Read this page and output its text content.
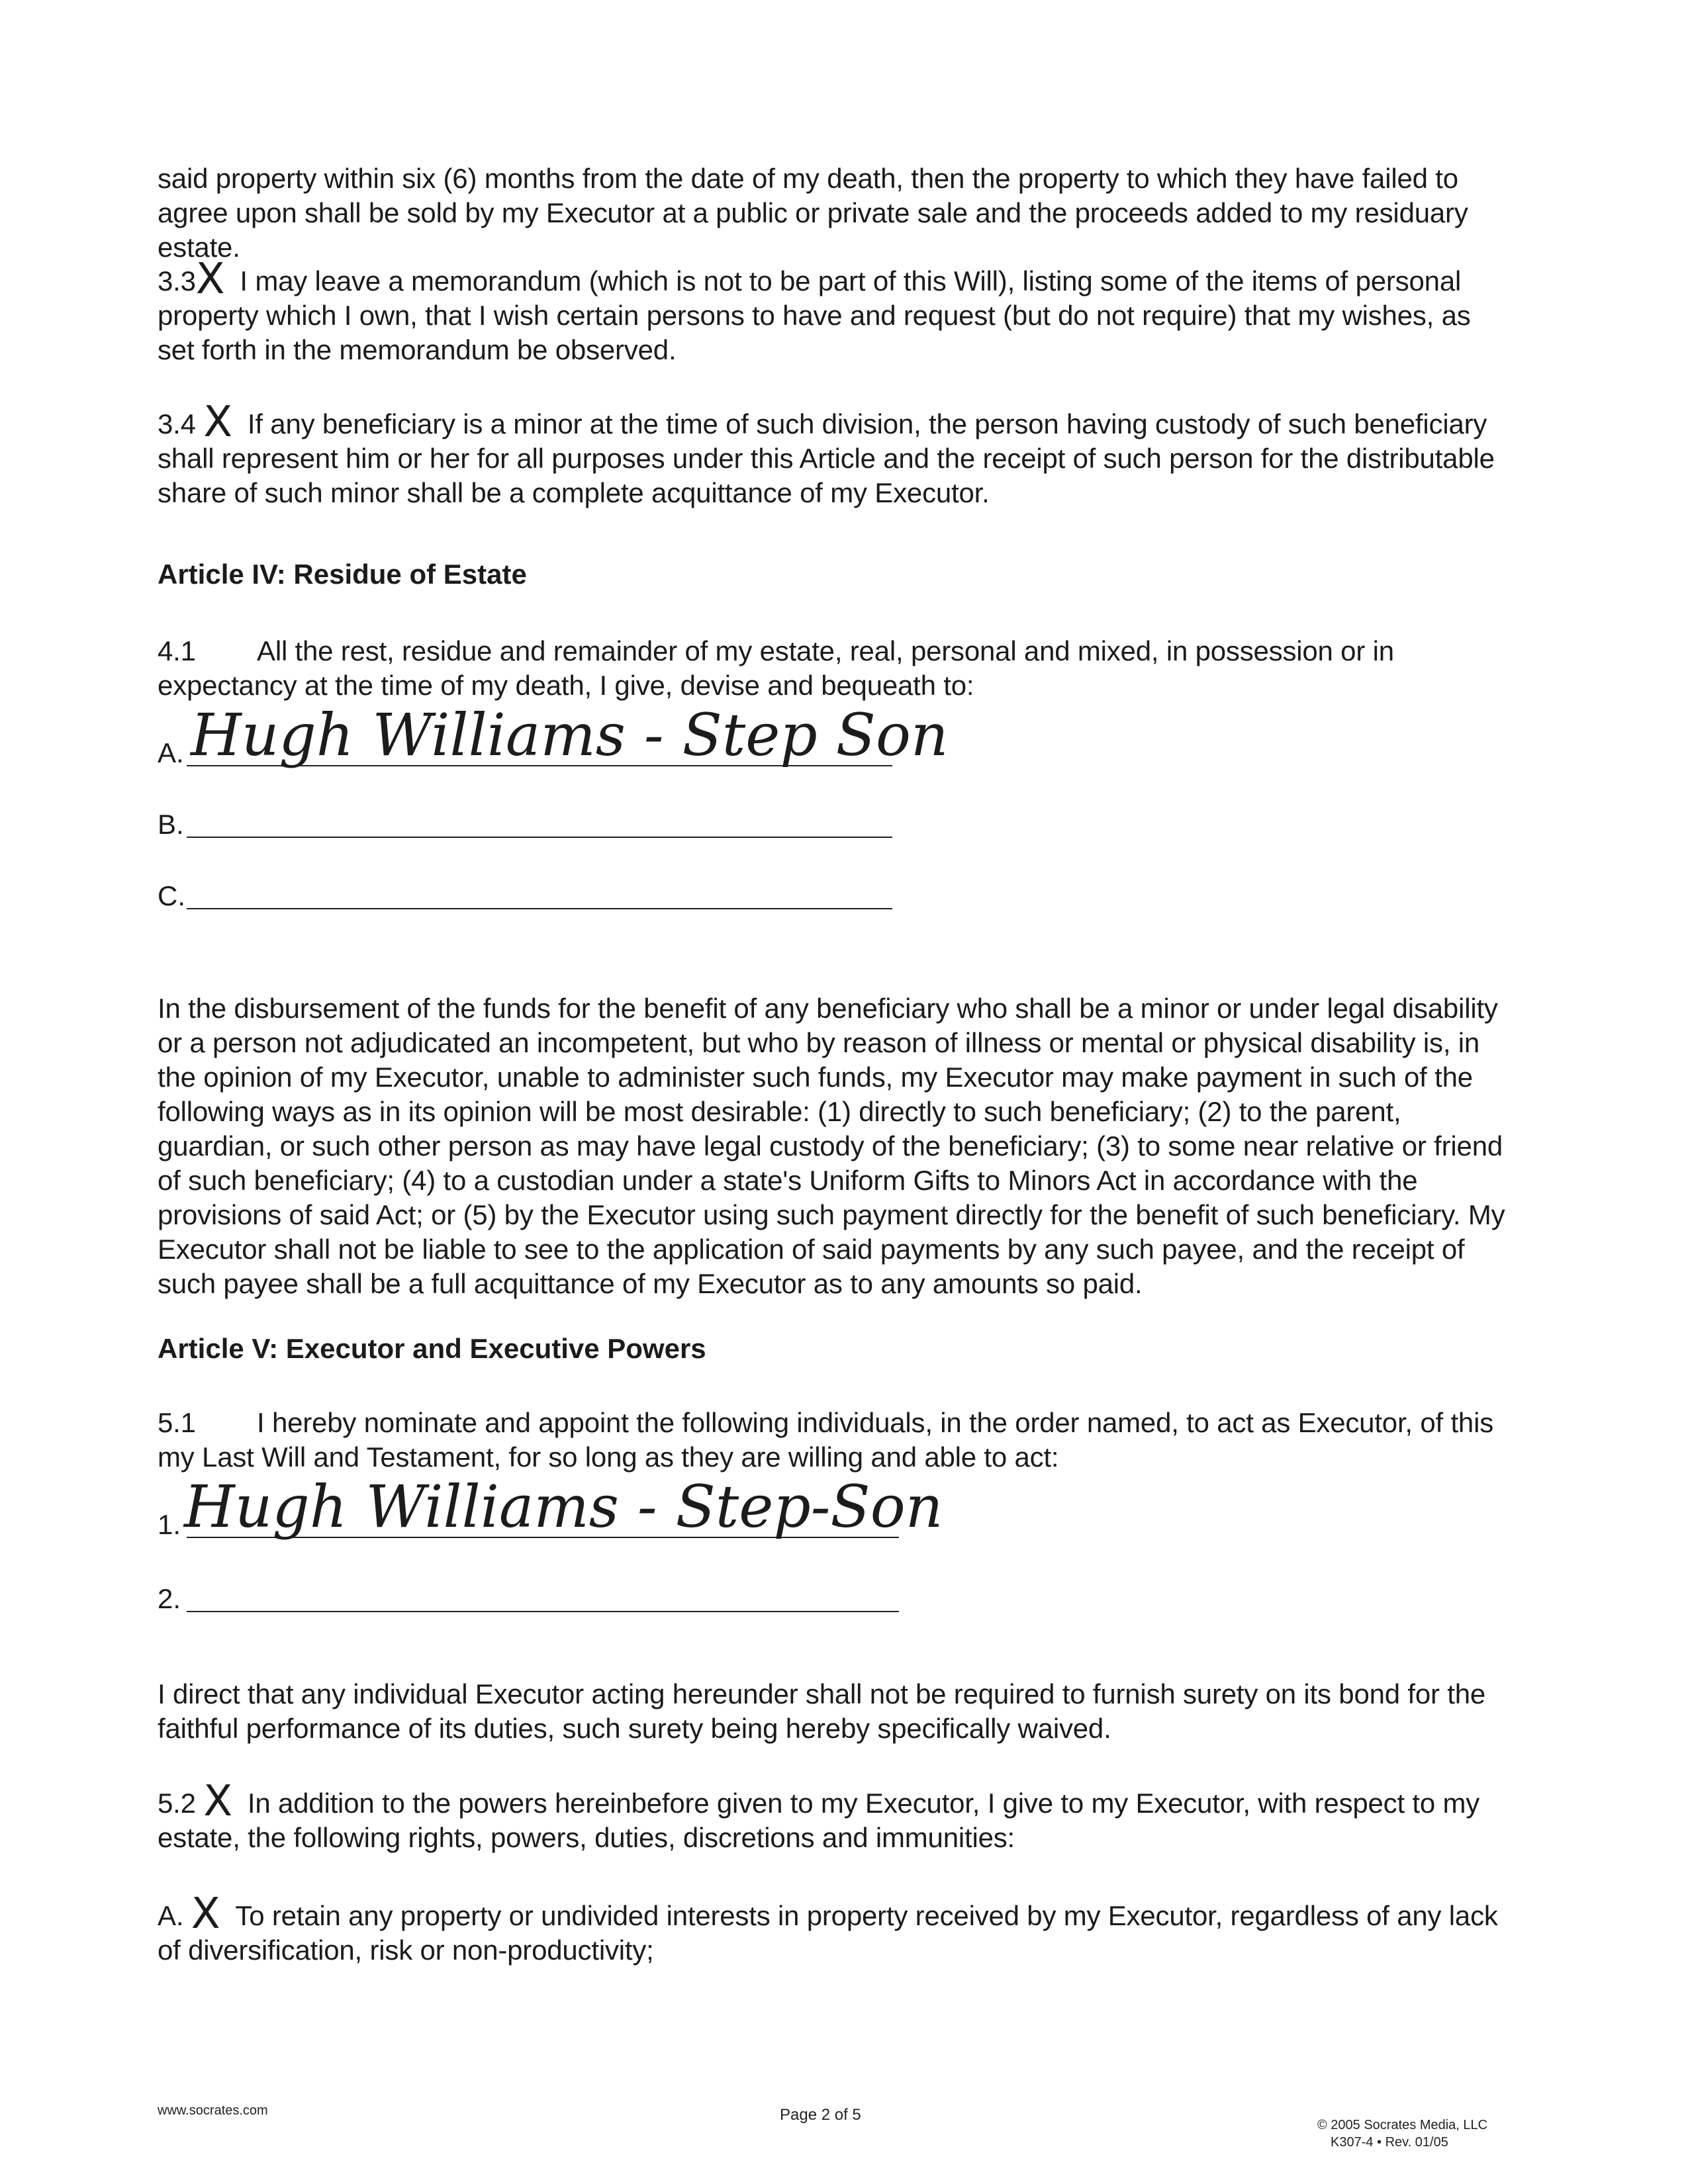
said property within six (6) months from the date of my death, then the property to which they have failed to agree upon shall be sold by my Executor at a public or private sale and the proceeds added to my residuary estate.

3.3X I may leave a memorandum (which is not to be part of this Will), listing some of the items of personal property which I own, that I wish certain persons to have and request (but do not require) that my wishes, as set forth in the memorandum be observed.
3.4 X If any beneficiary is a minor at the time of such division, the person having custody of such beneficiary shall represent him or her for all purposes under this Article and the receipt of such person for the distributable share of such minor shall be a complete acquittance of my Executor.
Article IV: Residue of Estate
4.1 All the rest, residue and remainder of my estate, real, personal and mixed, in possession or in expectancy at the time of my death, I give, devise and bequeath to:
A. Hugh Williams - Step Son
B.
C.

In the disbursement of the funds for the benefit of any beneficiary who shall be a minor or under legal disability or a person not adjudicated an incompetent, but who by reason of illness or mental or physical disability is, in the opinion of my Executor, unable to administer such funds, my Executor may make payment in such of the following ways as in its opinion will be most desirable: (1) directly to such beneficiary; (2) to the parent, guardian, or such other person as may have legal custody of the beneficiary; (3) to some near relative or friend of such beneficiary; (4) to a custodian under a state's Uniform Gifts to Minors Act in accordance with the provisions of said Act; or (5) by the Executor using such payment directly for the benefit of such beneficiary. My Executor shall not be liable to see to the application of said payments by any such payee, and the receipt of such payee shall be a full acquittance of my Executor as to any amounts so paid.

Article V: Executor and Executive Powers
5.1 I hereby nominate and appoint the following individuals, in the order named, to act as Executor, of this my Last Will and Testament, for so long as they are willing and able to act:
1. Hugh Williams - Step-Son
2.

I direct that any individual Executor acting hereunder shall not be required to furnish surety on its bond for the faithful performance of its duties, such surety being hereby specifically waived.

5.2 X In addition to the powers hereinbefore given to my Executor, I give to my Executor, with respect to my estate, the following rights, powers, duties, discretions and immunities:
A. X To retain any property or undivided interests in property received by my Executor, regardless of any lack of diversification, risk or non-productivity;
www.socrates.com	Page 2 of 5
© 2005 Socrates Media, LLC
K307-4 • Rev. 01/05
